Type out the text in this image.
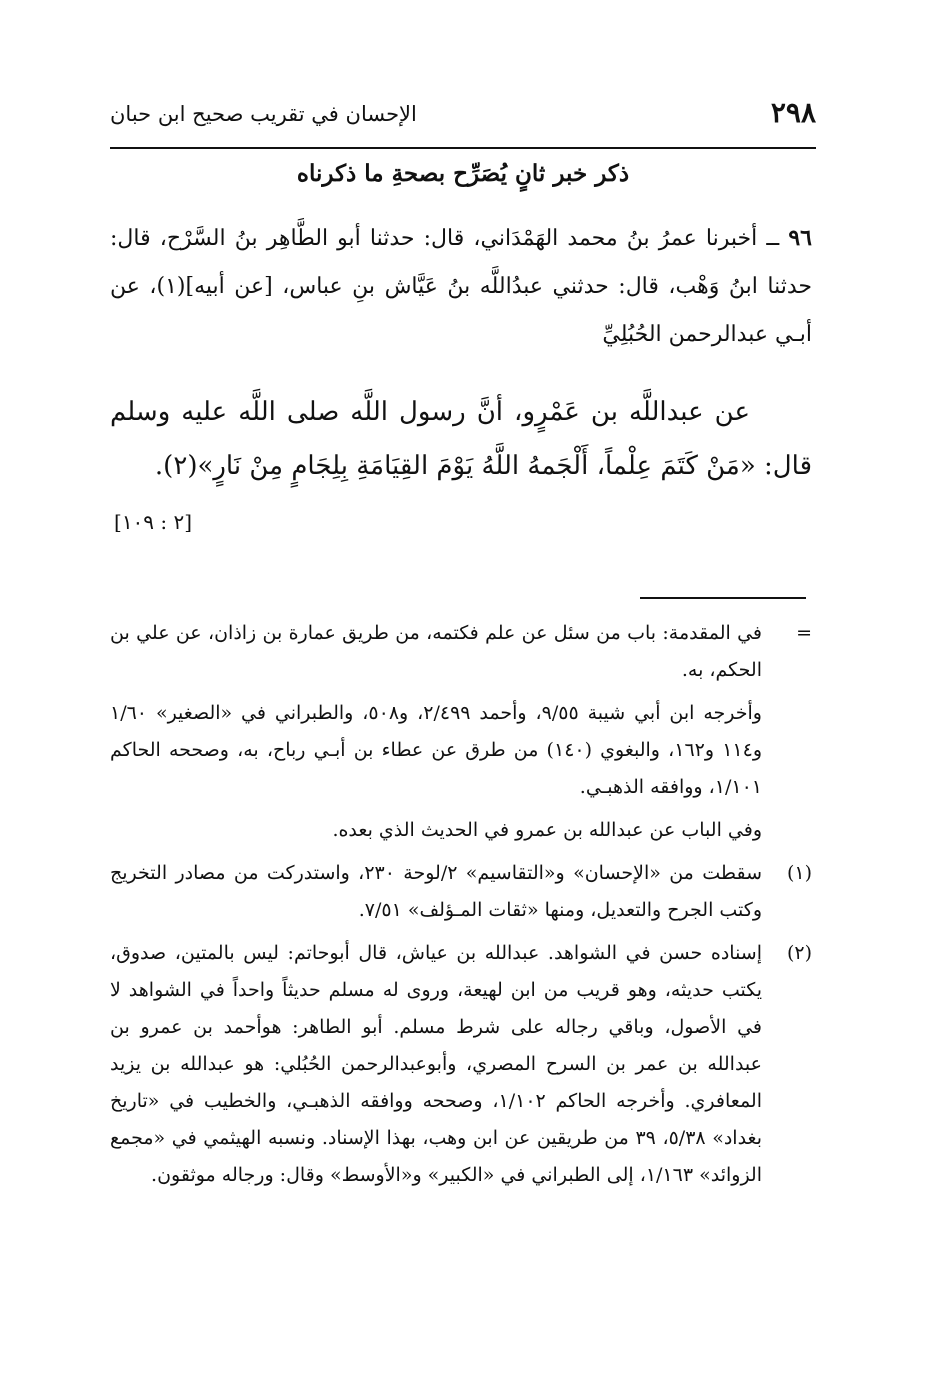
٢٩٨
الإحسان في تقريب صحيح ابن حبان
ذكر خبر ثانٍ يُصَرِّح بصحةِ ما ذكرناه
٩٦ ــ أخبرنا عمرُ بنُ محمد الهَمْدَاني، قال: حدثنا أبو الطَّاهِر بنُ السَّرْح، قال: حدثنا ابنُ وَهْب، قال: حدثني عبدُاللَّه بنُ عَيَّاش بنِ عباس، [عن أبيه](١)، عن أبـي عبدالرحمن الحُبُلِيِّ
عن عبداللَّه بن عَمْرٍو، أنَّ رسول اللَّه صلى اللَّه عليه وسلم قال: «مَنْ كَتَمَ عِلْماً، أَلْجَمهُ اللَّهُ يَوْمَ القِيَامَةِ بِلِجَامٍ مِنْ نَارٍ»(٢).
[٢ : ١٠٩]
=

في المقدمة: باب من سئل عن علم فكتمه، من طريق عمارة بن زاذان، عن علي بن الحكم، به.

وأخرجه ابن أبي شيبة ٩/٥٥، وأحمد ٢/٤٩٩، و٥٠٨، والطبراني في «الصغير» ١/٦٠ و١١٤ و١٦٢، والبغوي (١٤٠) من طرق عن عطاء بن أبـي رباح، به، وصححه الحاكم ١/١٠١، ووافقه الذهبـي.

وفي الباب عن عبدالله بن عمرو في الحديث الذي بعده.

(١)

سقطت من «الإحسان» و«التقاسيم» ٢/لوحة ٢٣٠، واستدركت من مصادر التخريج وكتب الجرح والتعديل، ومنها «ثقات المـؤلف» ٧/٥١.

(٢)

إسناده حسن في الشواهد. عبدالله بن عياش، قال أبوحاتم: ليس بالمتين، صدوق، يكتب حديثه، وهو قريب من ابن لهيعة، وروى له مسلم حديثاً واحداً في الشواهد لا في الأصول، وباقي رجاله على شرط مسلم. أبو الطاهر: هوأحمد بن عمرو بن عبدالله بن عمر بن السرح المصري، وأبوعبدالرحمن الحُبُلي: هو عبدالله بن يزيد المعافري. وأخرجه الحاكم ١/١٠٢، وصححه ووافقه الذهبـي، والخطيب في «تاريخ بغداد» ٥/٣٨، ٣٩ من طريقين عن ابن وهب، بهذا الإسناد. ونسبه الهيثمي في «مجمع الزوائد» ١/١٦٣، إلى الطبراني في «الكبير» و«الأوسط» وقال: ورجاله موثقون.
